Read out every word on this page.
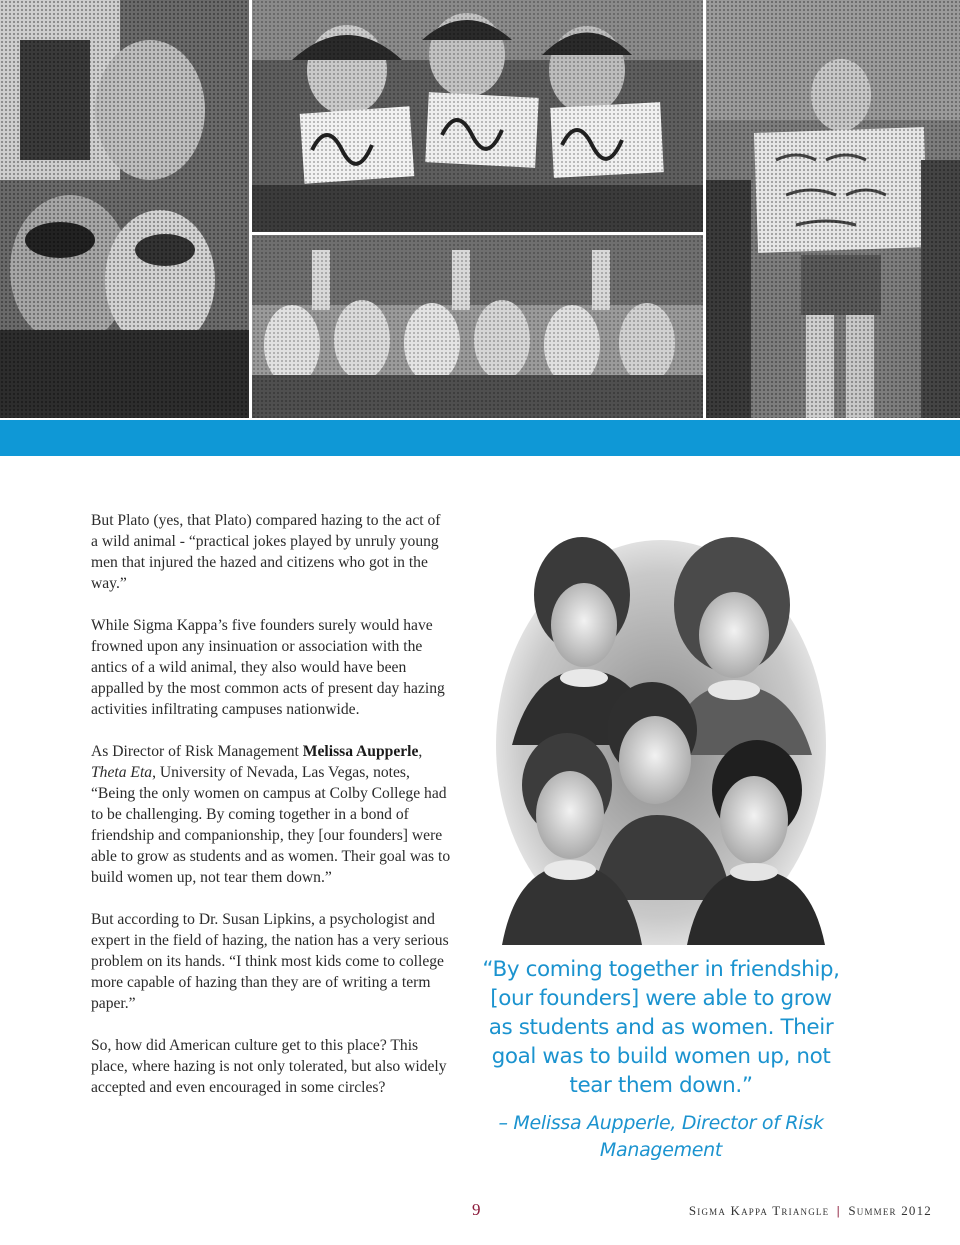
But Plato (yes, that Plato) compared hazing to the act of a wild animal - “practical jokes played by unruly young men that injured the hazed and citizens who got in the way.”

While Sigma Kappa’s five founders surely would have frowned upon any insinuation or association with the antics of a wild animal, they also would have been appalled by the most common acts of present day hazing activities infiltrating campuses nationwide.

As Director of Risk Management Melissa Aupperle, Theta Eta, University of Nevada, Las Vegas, notes, “Being the only women on campus at Colby College had to be challenging. By coming together in a bond of friendship and companionship, they [our founders] were able to grow as students and as women. Their goal was to build women up, not tear them down.”

But according to Dr. Susan Lipkins, a psychologist and expert in the field of hazing, the nation has a very serious problem on its hands. “I think most kids come to college more capable of hazing than they are of writing a term paper.”

So, how did American culture get to this place? This place, where hazing is not only tolerated, but also widely accepted and even encouraged in some circles?

“By coming together in friendship, [our founders] were able to grow as students and as women. Their goal was to build women up, not tear them down.”
– Melissa Aupperle, Director of Risk Management
9	Sigma Kappa Triangle | Summer 2012
